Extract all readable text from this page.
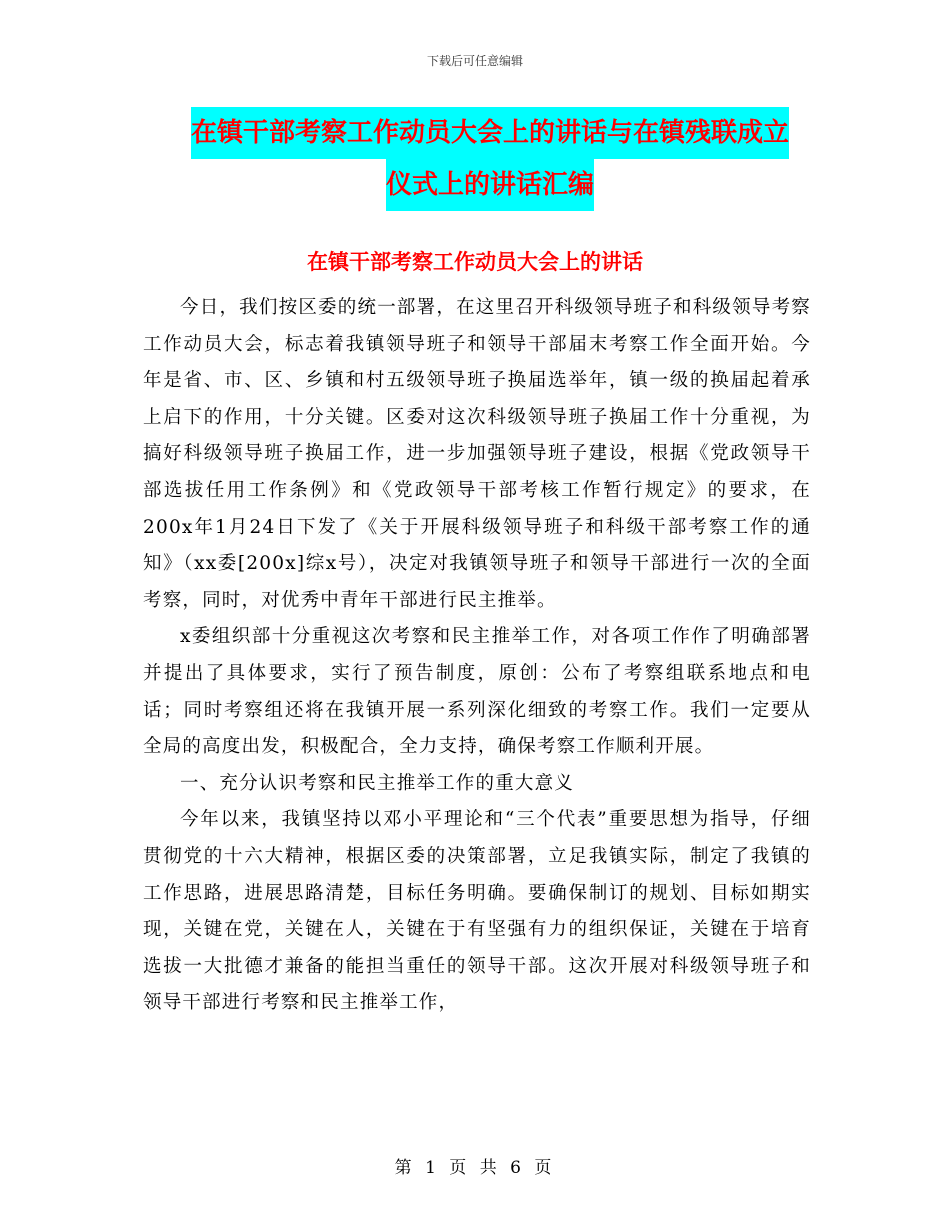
下载后可任意编辑
在镇干部考察工作动员大会上的讲话与在镇残联成立
仪式上的讲话汇编
在镇干部考察工作动员大会上的讲话

今日，我们按区委的统一部署，在这里召开科级领导班子和科级领导考察工作动员大会，标志着我镇领导班子和领导干部届末考察工作全面开始。今年是省、市、区、乡镇和村五级领导班子换届选举年，镇一级的换届起着承上启下的作用，十分关键。区委对这次科级领导班子换届工作十分重视，为搞好科级领导班子换届工作，进一步加强领导班子建设，根据《党政领导干部选拔任用工作条例》和《党政领导干部考核工作暂行规定》的要求，在200x年1月24日下发了《关于开展科级领导班子和科级干部考察工作的通知》（xx委[200x]综x号），决定对我镇领导班子和领导干部进行一次的全面考察，同时，对优秀中青年干部进行民主推举。

x委组织部十分重视这次考察和民主推举工作，对各项工作作了明确部署并提出了具体要求，实行了预告制度，原创：公布了考察组联系地点和电话；同时考察组还将在我镇开展一系列深化细致的考察工作。我们一定要从全局的高度出发，积极配合，全力支持，确保考察工作顺利开展。

一、充分认识考察和民主推举工作的重大意义

今年以来，我镇坚持以邓小平理论和“三个代表”重要思想为指导，仔细贯彻党的十六大精神，根据区委的决策部署，立足我镇实际，制定了我镇的工作思路，进展思路清楚，目标任务明确。要确保制订的规划、目标如期实现，关键在党，关键在人，关键在于有坚强有力的组织保证，关键在于培育选拔一大批德才兼备的能担当重任的领导干部。这次开展对科级领导班子和领导干部进行考察和民主推举工作，

第 1 页 共 6 页
